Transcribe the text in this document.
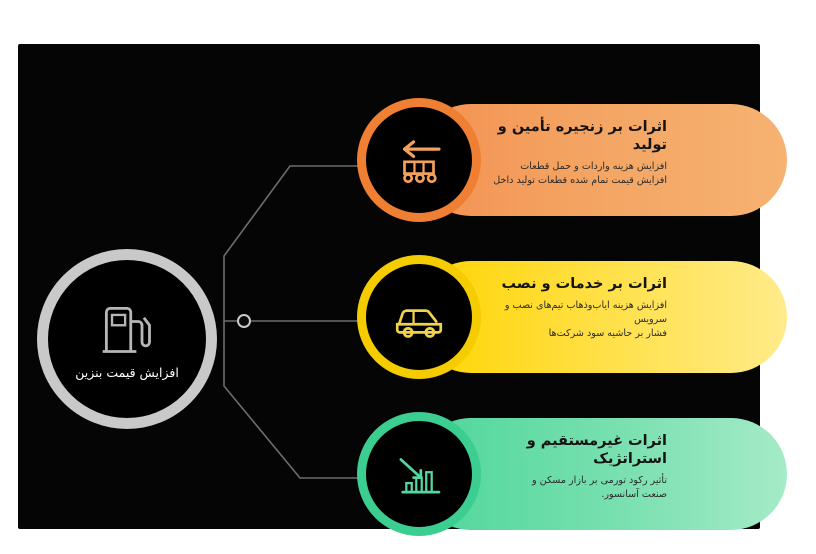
اثرات افزایش قیمت بنزین بر صنعت آسانسور و پله برقی
افزایش قیمت بنزین
اثرات بر زنجیره تأمین و تولید
افزایش هزینه واردات و حمل قطعات
افزایش قیمت تمام شده قطعات تولید داخل
اثرات بر خدمات و نصب
افزایش هزینه ایاب‌وذهاب تیم‌های نصب و
سرویس
فشار بر حاشیه سود شرکت‌ها
اثرات غیرمستقیم و استراتژیک
تأثیر رکود تورمی بر بازار مسکن و
صنعت آسانسور.
